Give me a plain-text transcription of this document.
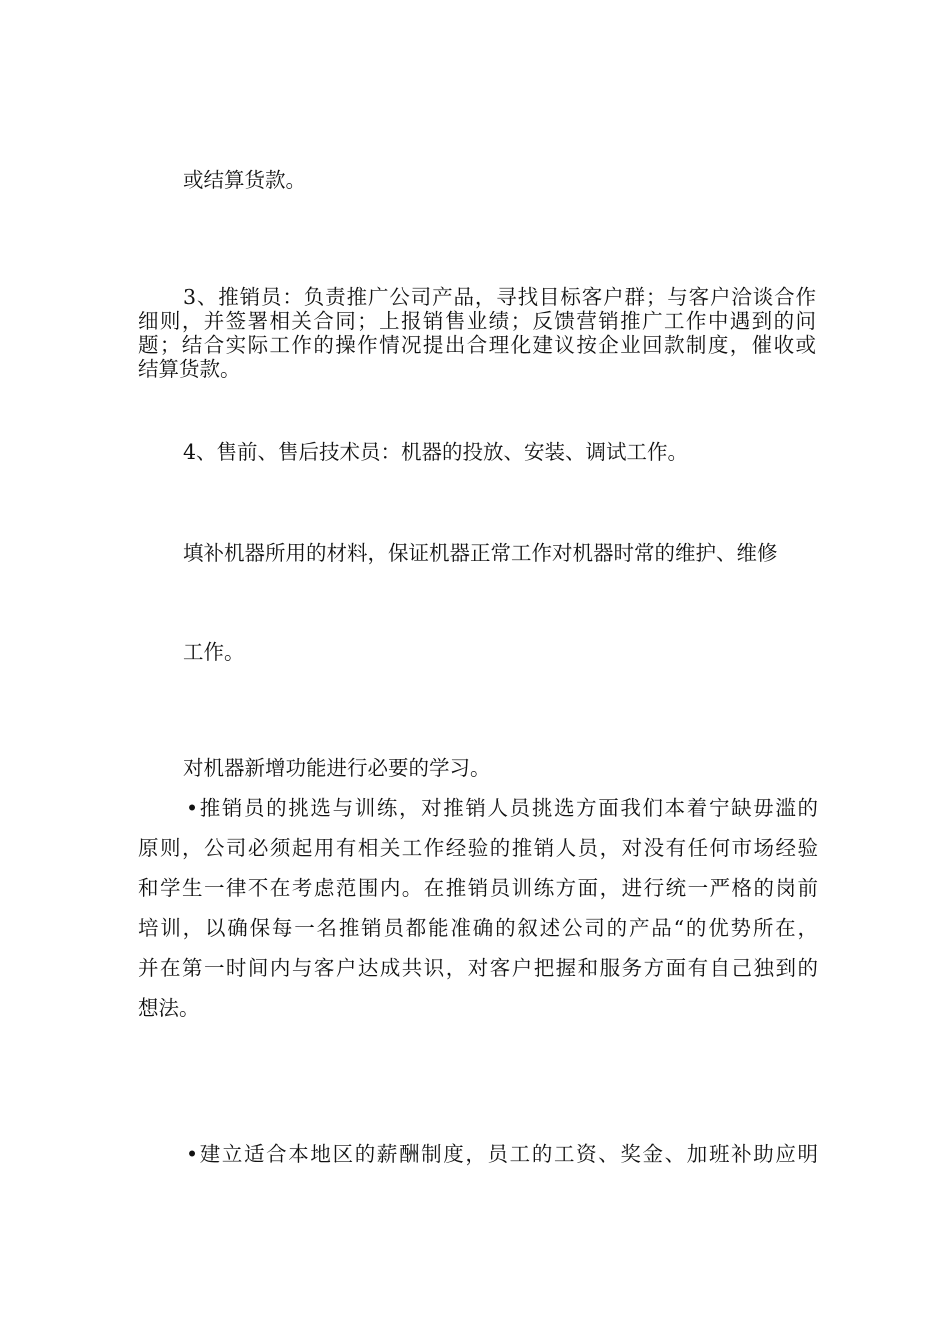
或结算货款。

3、推销员：负责推广公司产品，寻找目标客户群；与客户洽谈合作
细则，并签署相关合同；上报销售业绩；反馈营销推广工作中遇到的问
题；结合实际工作的操作情况提出合理化建议按企业回款制度，催收或
结算货款。

4、售前、售后技术员：机器的投放、安装、调试工作。

填补机器所用的材料，保证机器正常工作对机器时常的维护、维修

工作。

对机器新增功能进行必要的学习。

•推销员的挑选与训练，对推销人员挑选方面我们本着宁缺毋滥的
原则，公司必须起用有相关工作经验的推销人员，对没有任何市场经验
和学生一律不在考虑范围内。在推销员训练方面，进行统一严格的岗前
培训，以确保每一名推销员都能准确的叙述公司的产品“的优势所在，
并在第一时间内与客户达成共识，对客户把握和服务方面有自己独到的
想法。

•建立适合本地区的薪酬制度，员工的工资、奖金、加班补助应明
